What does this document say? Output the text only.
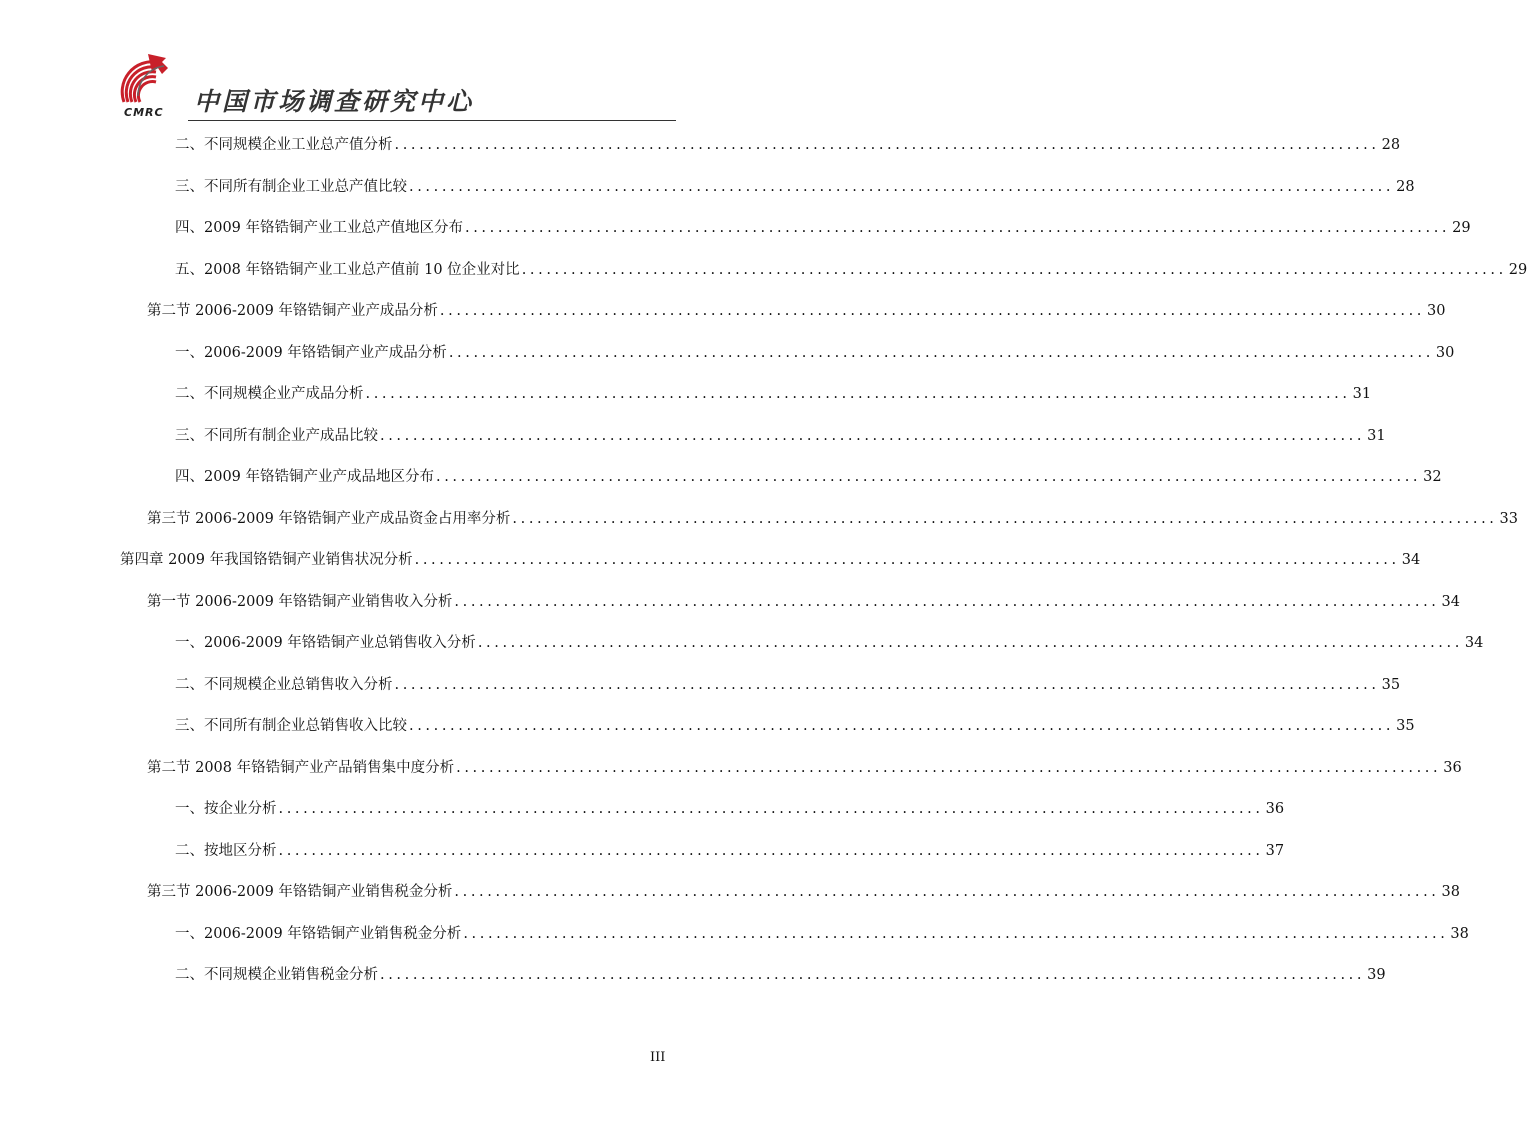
CMRC 中国市场调查研究中心
二、不同规模企业工业总产值分析 ........................................................................................................................ 28
三、不同所有制企业工业总产值比较 ........................................................................................................................ 28
四、2009 年铬锆铜产业工业总产值地区分布 ........................................................................................................................ 29
五、2008 年铬锆铜产业工业总产值前 10 位企业对比 ........................................................................................................................ 29
第二节 2006-2009 年铬锆铜产业产成品分析 ........................................................................................................................ 30
一、2006-2009 年铬锆铜产业产成品分析 ........................................................................................................................ 30
二、不同规模企业产成品分析 ........................................................................................................................ 31
三、不同所有制企业产成品比较 ........................................................................................................................ 31
四、2009 年铬锆铜产业产成品地区分布 ........................................................................................................................ 32
第三节 2006-2009 年铬锆铜产业产成品资金占用率分析 ........................................................................................................................ 33
第四章 2009 年我国铬锆铜产业销售状况分析 ........................................................................................................................ 34
第一节 2006-2009 年铬锆铜产业销售收入分析 ........................................................................................................................ 34
一、2006-2009 年铬锆铜产业总销售收入分析 ........................................................................................................................ 34
二、不同规模企业总销售收入分析 ........................................................................................................................ 35
三、不同所有制企业总销售收入比较 ........................................................................................................................ 35
第二节 2008 年铬锆铜产业产品销售集中度分析 ........................................................................................................................ 36
一、按企业分析 ........................................................................................................................ 36
二、按地区分析 ........................................................................................................................ 37
第三节 2006-2009 年铬锆铜产业销售税金分析 ........................................................................................................................ 38
一、2006-2009 年铬锆铜产业销售税金分析 ........................................................................................................................ 38
二、不同规模企业销售税金分析 ........................................................................................................................ 39
III
